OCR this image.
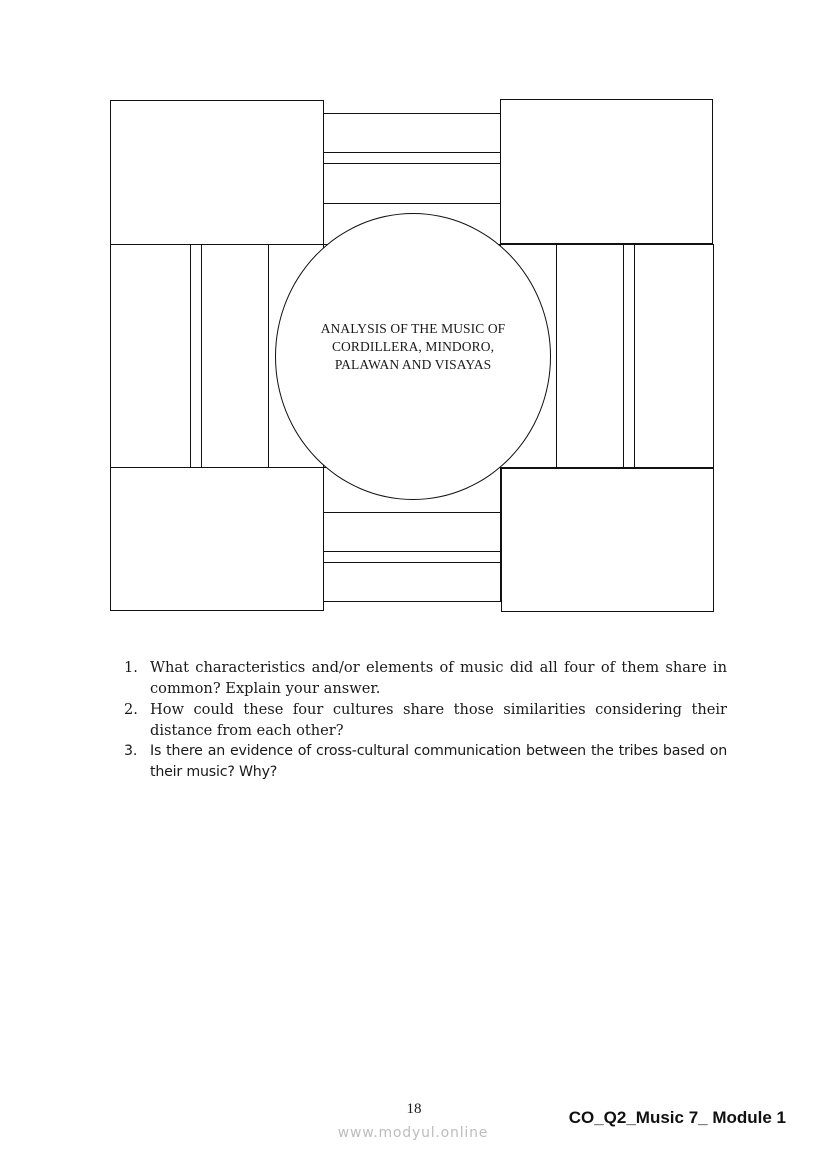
ANALYSIS OF THE MUSIC OF CORDILLERA, MINDORO, PALAWAN AND VISAYAS
1. What characteristics and/or elements of music did all four of them share in common? Explain your answer.
2. How could these four cultures share those similarities considering their distance from each other?
3. Is there an evidence of cross-cultural communication between the tribes based on their music? Why?
18
www.modyul.online
CO_Q2_Music 7_ Module 1
